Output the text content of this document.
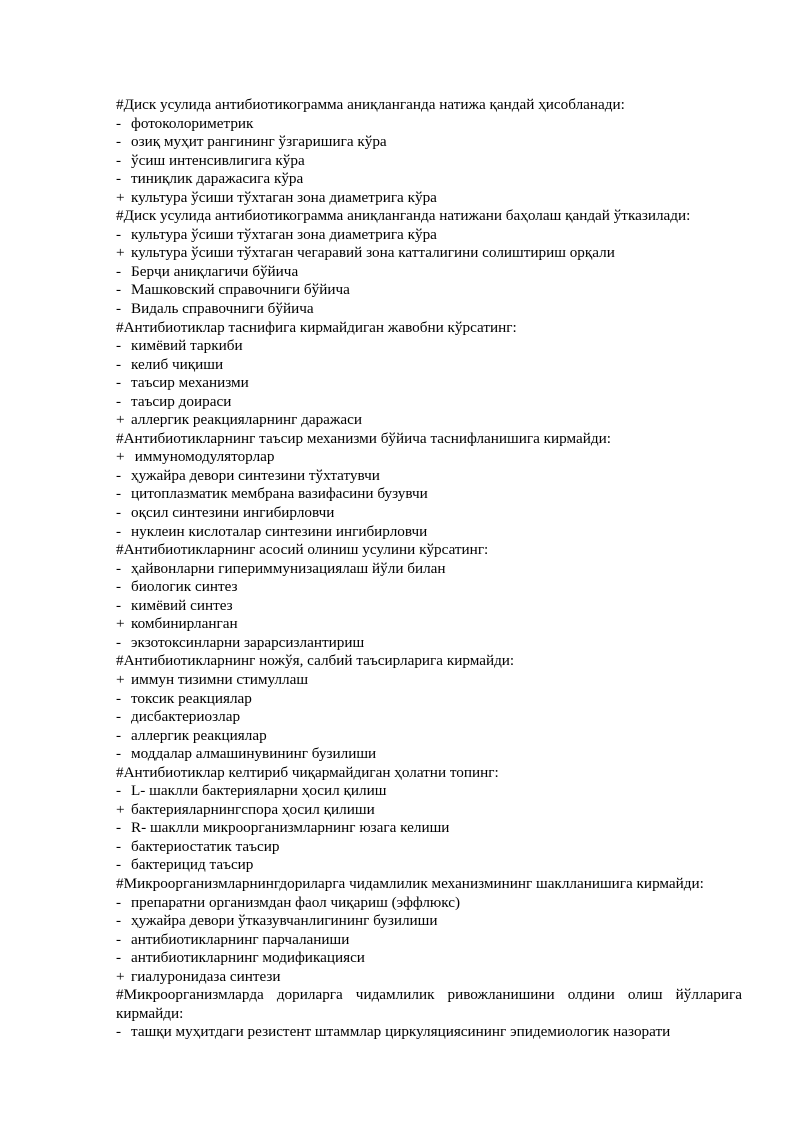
#Диск усулида антибиотикограмма аниқланганда натижа қандай ҳисобланади:
- фотоколориметрик
- озиқ муҳит рангининг ўзгаришига кўра
- ўсиш интенсивлигига кўра
- тиниқлик даражасига кўра
+ культура ўсиши тўхтаган зона диаметрига кўра
#Диск усулида антибиотикограмма аниқланганда натижани баҳолаш қандай ўтказилади:
- культура ўсиши тўхтаган зона диаметрига кўра
+ культура ўсиши тўхтаган чегаравий зона катталигини солиштириш орқали
- Берҷи аниқлагичи бўйича
- Машковский справочниги бўйича
- Видаль справочниги бўйича
#Антибиотиклар таснифига кирмайдиган жавобни кўрсатинг:
- кимёвий таркиби
- келиб чиқиши
- таъсир механизми
- таъсир доираси
+ аллергик реакцияларнинг даражаси
#Антибиотикларнинг таъсир механизми бўйича таснифланишига кирмайди:
+ иммуномодуляторлар
- ҳужайра девори синтезини тўхтатувчи
- цитоплазматик мембрана вазифасини бузувчи
- оқсил синтезини ингибирловчи
- нуклеин кислоталар синтезини ингибирловчи
#Антибиотикларнинг асосий олиниш усулини кўрсатинг:
- ҳайвонларни гипериммунизациялаш йўли билан
- биологик синтез
- кимёвий синтез
+ комбинирланган
- экзотоксинларни зарарсизлантириш
#Антибиотикларнинг ножўя, салбий таъсирларига кирмайди:
+ иммун тизимни стимуллаш
- токсик реакциялар
- дисбактериозлар
- аллергик реакциялар
- моддалар алмашинувининг бузилиши
#Антибиотиклар келтириб чиқармайдиган ҳолатни топинг:
- L- шаклли бактерияларни ҳосил қилиш
+ бактерияларнингспора ҳосил қилиши
- R- шаклли микроорганизмларнинг юзага келиши
- бактериостатик таъсир
- бактерицид таъсир
#Микроорганизмларнингдориларга чидамлилик механизмининг шаклланишига кирмайди:
- препаратни организмдан фаол чиқариш (эффлюкс)
- ҳужайра девори ўтказувчанлигининг бузилиши
- антибиотикларнинг парчаланиши
- антибиотикларнинг модификацияси
+ гиалуронидаза синтези
#Микроорганизмларда дориларга чидамлилик ривожланишини олдини олиш йўлларига кирмайди:
- ташқи муҳитдаги резистент штаммлар циркуляциясининг эпидемиологик назорати
